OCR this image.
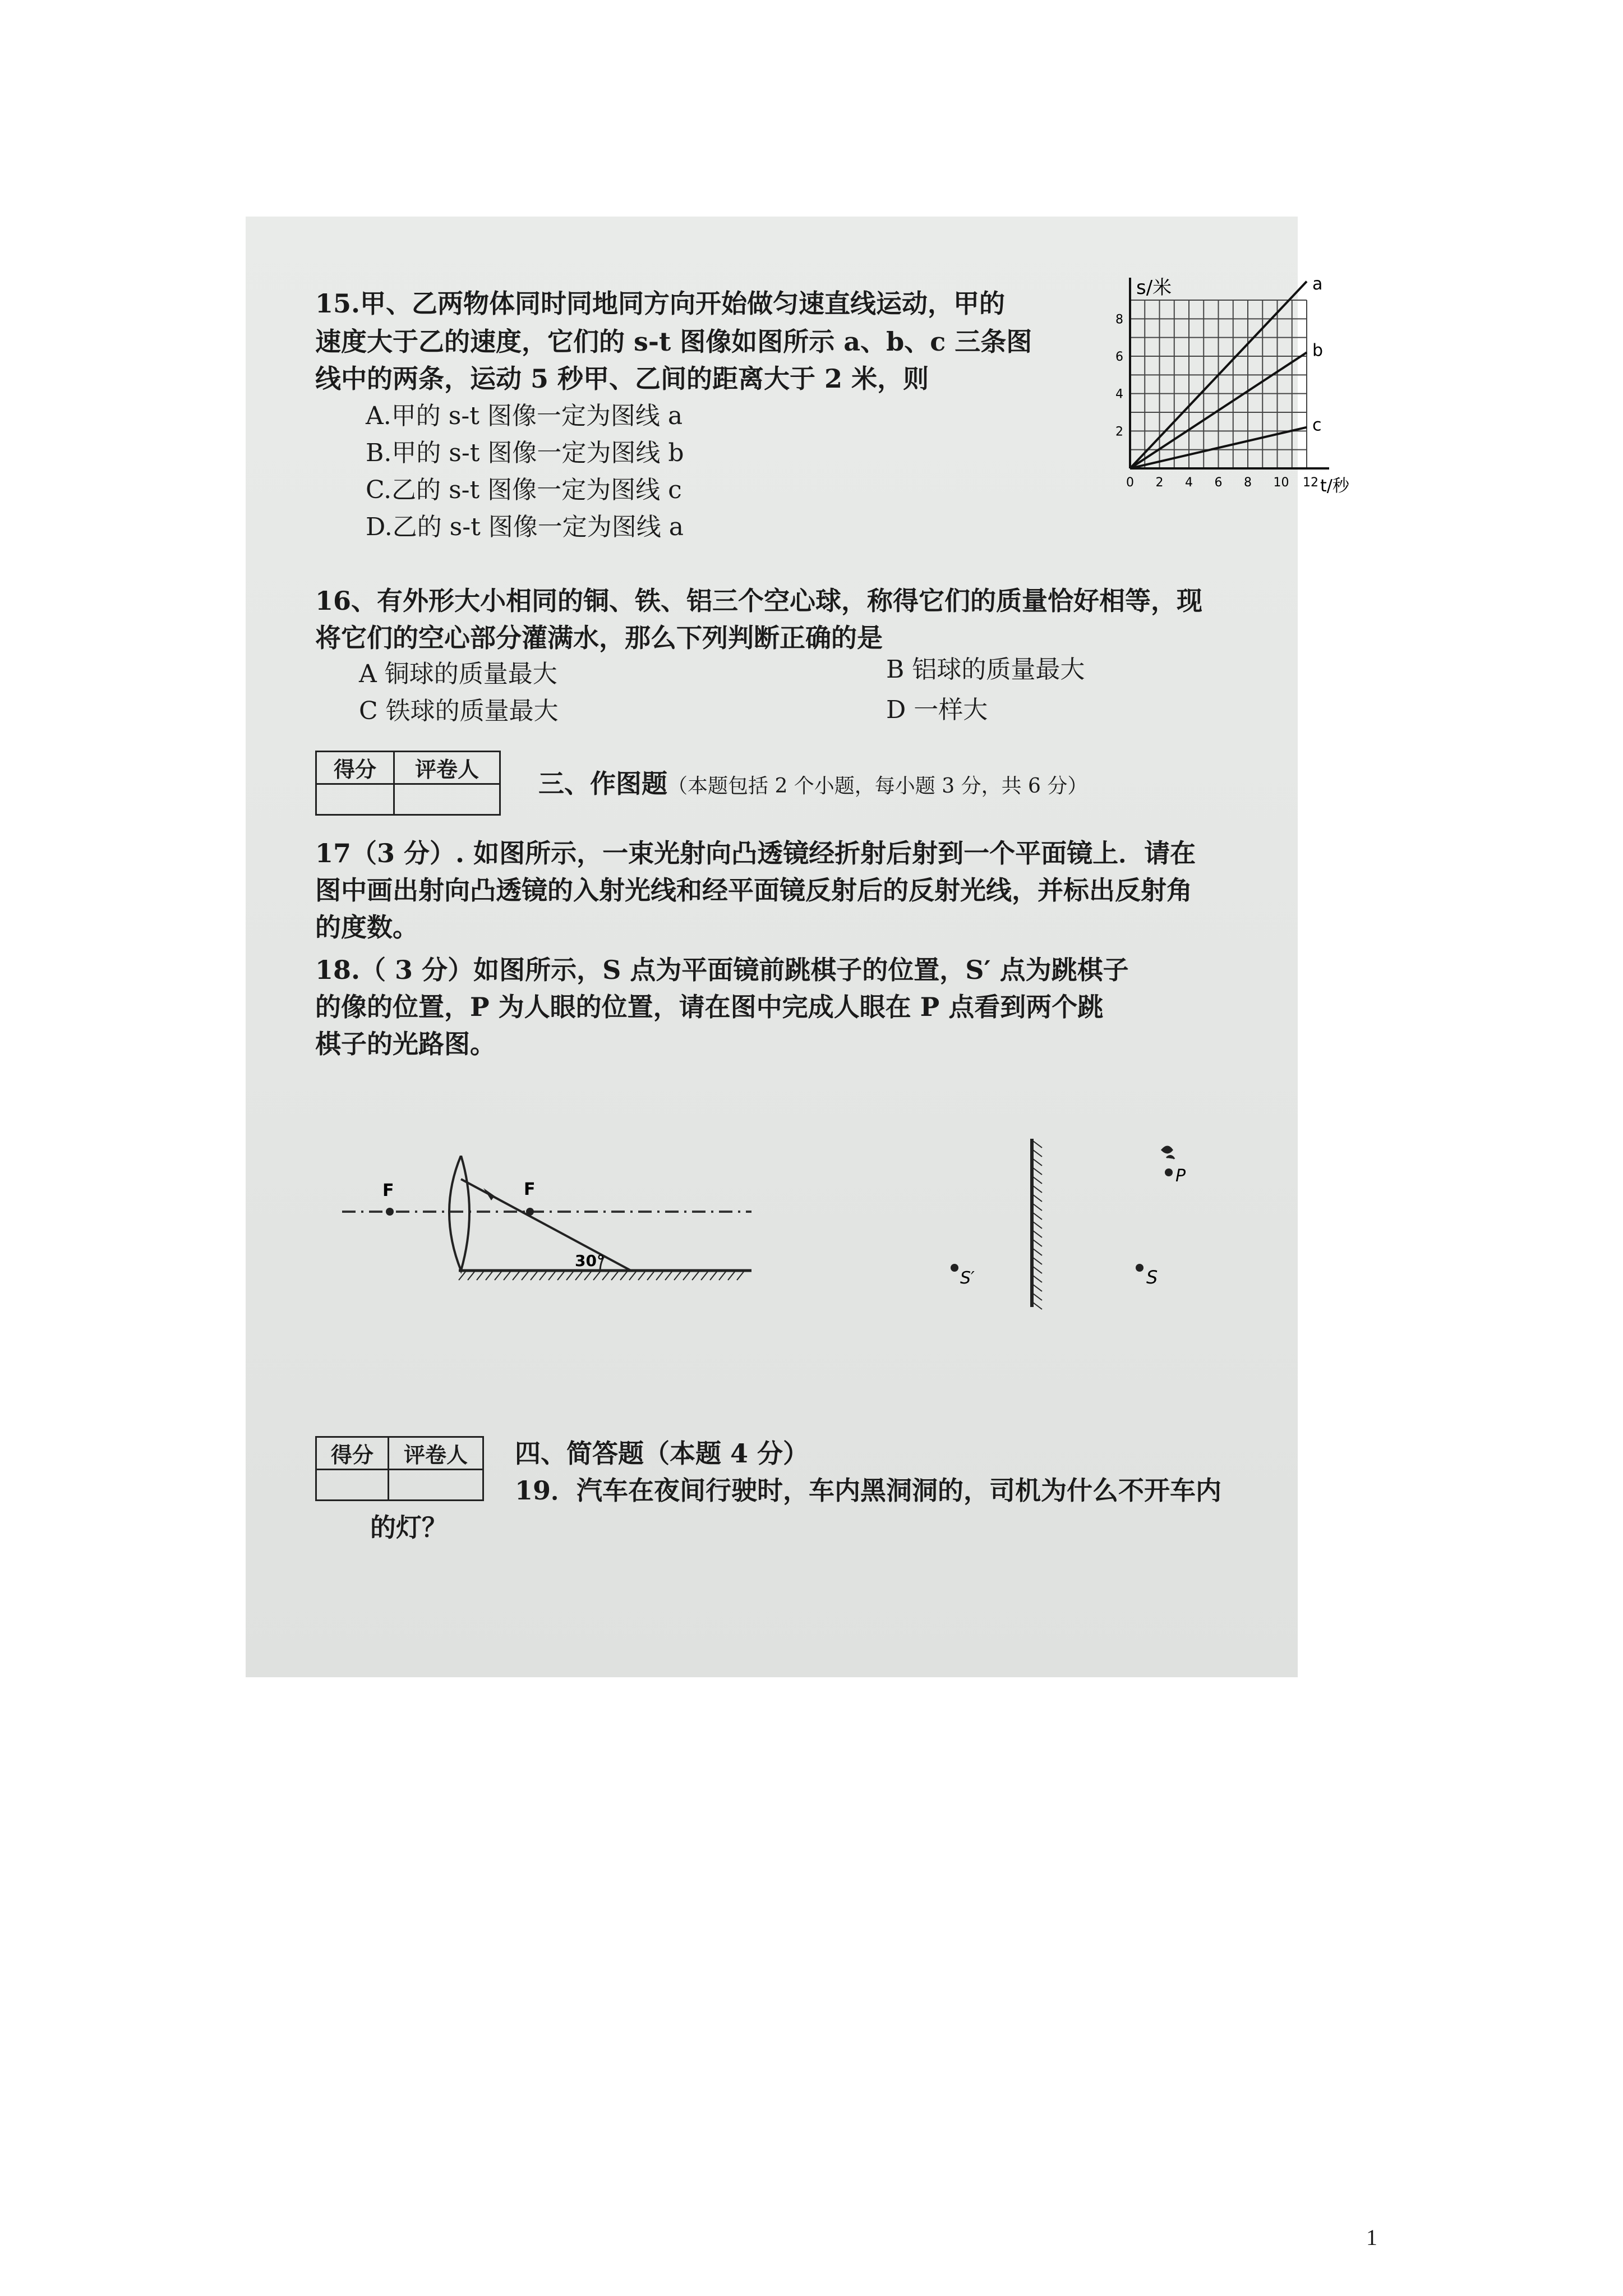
15.甲、乙两物体同时同地同方向开始做匀速直线运动，甲的
速度大于乙的速度，它们的 s-t 图像如图所示 a、b、c 三条图
线中的两条，运动 5 秒甲、乙间的距离大于 2 米，则
A.甲的 s-t 图像一定为图线 a
B.甲的 s-t 图像一定为图线 b
C.乙的 s-t 图像一定为图线 c
D.乙的 s-t 图像一定为图线 a
0 2 4 6 8 10 12
2
4
6
8
a
b
c
s/米
t/秒
16、有外形大小相同的铜、铁、铝三个空心球，称得它们的质量恰好相等，现
将它们的空心部分灌满水，那么下列判断正确的是
A 铜球的质量最大	B 铝球的质量最大
C 铁球的质量最大	D 一样大
得分	评卷人
	三、作图题（本题包括 2 个小题，每小题 3 分，共 6 分）
17（3 分）. 如图所示，一束光射向凸透镜经折射后射到一个平面镜上．请在
图中画出射向凸透镜的入射光线和经平面镜反射后的反射光线，并标出反射角
的度数。
18.（ 3 分）如图所示，S 点为平面镜前跳棋子的位置，S′ 点为跳棋子
的像的位置，P 为人眼的位置，请在图中完成人眼在 P 点看到两个跳
棋子的光路图。
F	F
30°
S′	S
P
得分	评卷人
	四、简答题（本题 4 分）
19．汽车在夜间行驶时，车内黑洞洞的，司机为什么不开车内
的灯？
1
